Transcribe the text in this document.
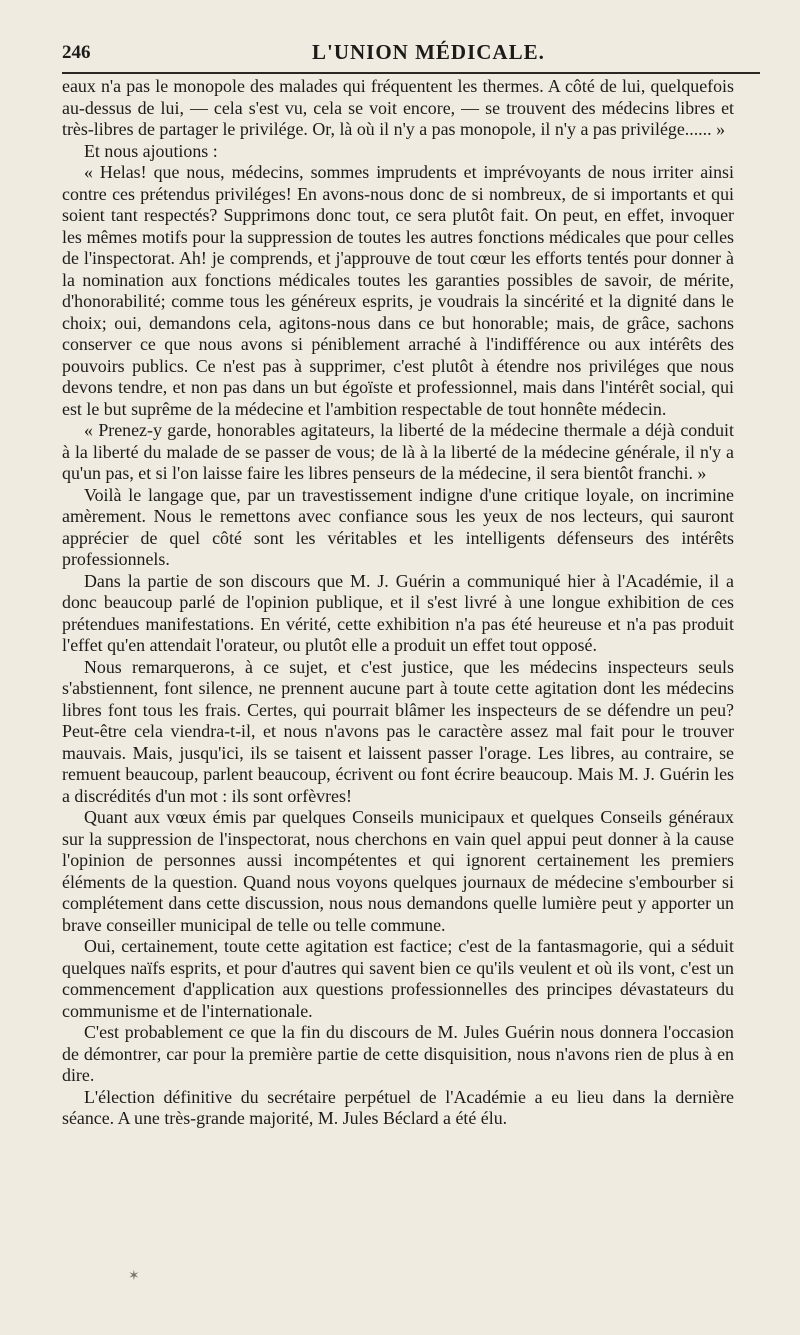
246	L'UNION MÉDICALE.

eaux n'a pas le monopole des malades qui fréquentent les thermes. A côté de lui, quelquefois au-dessus de lui, — cela s'est vu, cela se voit encore, — se trouvent des médecins libres et très-libres de partager le privilége. Or, là où il n'y a pas monopole, il n'y a pas privilége...... »

Et nous ajoutions :

« Helas! que nous, médecins, sommes imprudents et imprévoyants de nous irriter ainsi contre ces prétendus priviléges! En avons-nous donc de si nombreux, de si importants et qui soient tant respectés? Supprimons donc tout, ce sera plutôt fait. On peut, en effet, invoquer les mêmes motifs pour la suppression de toutes les autres fonctions médicales que pour celles de l'inspectorat. Ah! je comprends, et j'approuve de tout cœur les efforts tentés pour donner à la nomination aux fonctions médicales toutes les garanties possibles de savoir, de mérite, d'honorabilité; comme tous les généreux esprits, je voudrais la sincérité et la dignité dans le choix; oui, demandons cela, agitons-nous dans ce but honorable; mais, de grâce, sachons conserver ce que nous avons si péniblement arraché à l'indifférence ou aux intérêts des pouvoirs publics. Ce n'est pas à supprimer, c'est plutôt à étendre nos priviléges que nous devons tendre, et non pas dans un but égoïste et professionnel, mais dans l'intérêt social, qui est le but suprême de la médecine et l'ambition respectable de tout honnête médecin.

« Prenez-y garde, honorables agitateurs, la liberté de la médecine thermale a déjà conduit à la liberté du malade de se passer de vous; de là à la liberté de la médecine générale, il n'y a qu'un pas, et si l'on laisse faire les libres penseurs de la médecine, il sera bientôt franchi. »

Voilà le langage que, par un travestissement indigne d'une critique loyale, on incrimine amèrement. Nous le remettons avec confiance sous les yeux de nos lecteurs, qui sauront apprécier de quel côté sont les véritables et les intelligents défenseurs des intérêts professionnels.

Dans la partie de son discours que M. J. Guérin a communiqué hier à l'Académie, il a donc beaucoup parlé de l'opinion publique, et il s'est livré à une longue exhibition de ces prétendues manifestations. En vérité, cette exhibition n'a pas été heureuse et n'a pas produit l'effet qu'en attendait l'orateur, ou plutôt elle a produit un effet tout opposé.

Nous remarquerons, à ce sujet, et c'est justice, que les médecins inspecteurs seuls s'abstiennent, font silence, ne prennent aucune part à toute cette agitation dont les médecins libres font tous les frais. Certes, qui pourrait blâmer les inspecteurs de se défendre un peu? Peut-être cela viendra-t-il, et nous n'avons pas le caractère assez mal fait pour le trouver mauvais. Mais, jusqu'ici, ils se taisent et laissent passer l'orage. Les libres, au contraire, se remuent beaucoup, parlent beaucoup, écrivent ou font écrire beaucoup. Mais M. J. Guérin les a discrédités d'un mot : ils sont orfèvres!

Quant aux vœux émis par quelques Conseils municipaux et quelques Conseils généraux sur la suppression de l'inspectorat, nous cherchons en vain quel appui peut donner à la cause l'opinion de personnes aussi incompétentes et qui ignorent certainement les premiers éléments de la question. Quand nous voyons quelques journaux de médecine s'embourber si complétement dans cette discussion, nous nous demandons quelle lumière peut y apporter un brave conseiller municipal de telle ou telle commune.

Oui, certainement, toute cette agitation est factice; c'est de la fantasmagorie, qui a séduit quelques naïfs esprits, et pour d'autres qui savent bien ce qu'ils veulent et où ils vont, c'est un commencement d'application aux questions professionnelles des principes dévastateurs du communisme et de l'internationale.

C'est probablement ce que la fin du discours de M. Jules Guérin nous donnera l'occasion de démontrer, car pour la première partie de cette disquisition, nous n'avons rien de plus à en dire.

L'élection définitive du secrétaire perpétuel de l'Académie a eu lieu dans la dernière séance. A une très-grande majorité, M. Jules Béclard a été élu.

✶
